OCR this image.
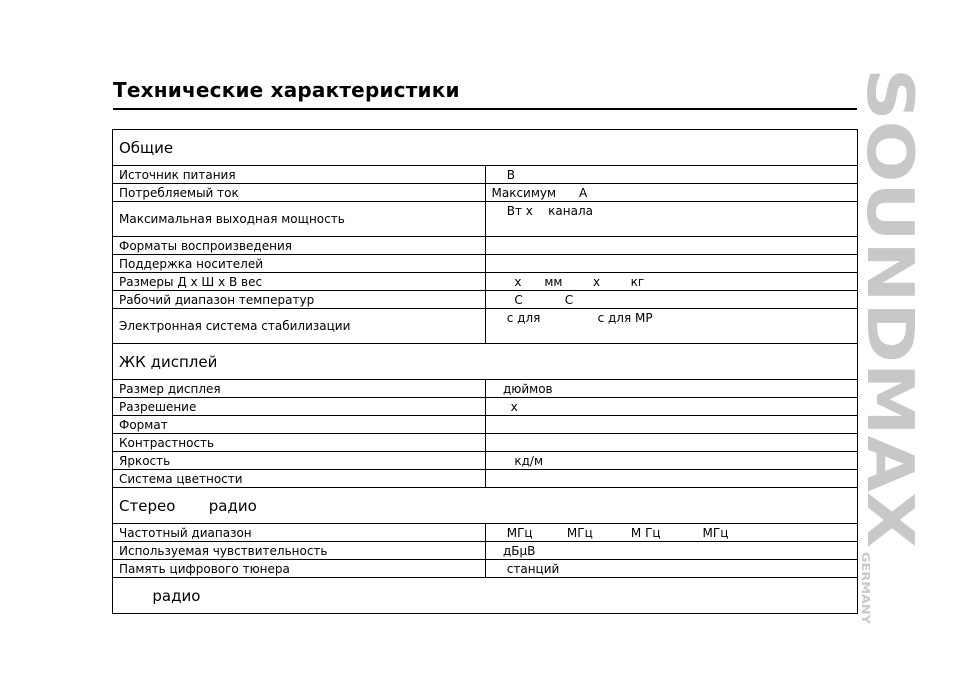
Технические характеристики
Общие	
Источник питания	В
Потребляемый ток	Максимум      А
Максимальная выходная мощность	Вт х    канала
Форматы воспроизведения	
Поддержка носителей	
Размеры Д х Ш х В вес	х      мм        х        кг
Рабочий диапазон температур	С           С
Электронная система стабилизации	с для               с для MP
ЖК дисплей	
Размер дисплея	дюймов
Разрешение	х
Формат	
Контрастность	
Яркость	кд/м
Система цветности	
Стерео       радио	
Частотный диапазон	МГц         МГц          М Гц           МГц
Используемая чувствительность	дБμВ
Память цифрового тюнера	станций
радио	
SOUNDMAX
GERMANY
